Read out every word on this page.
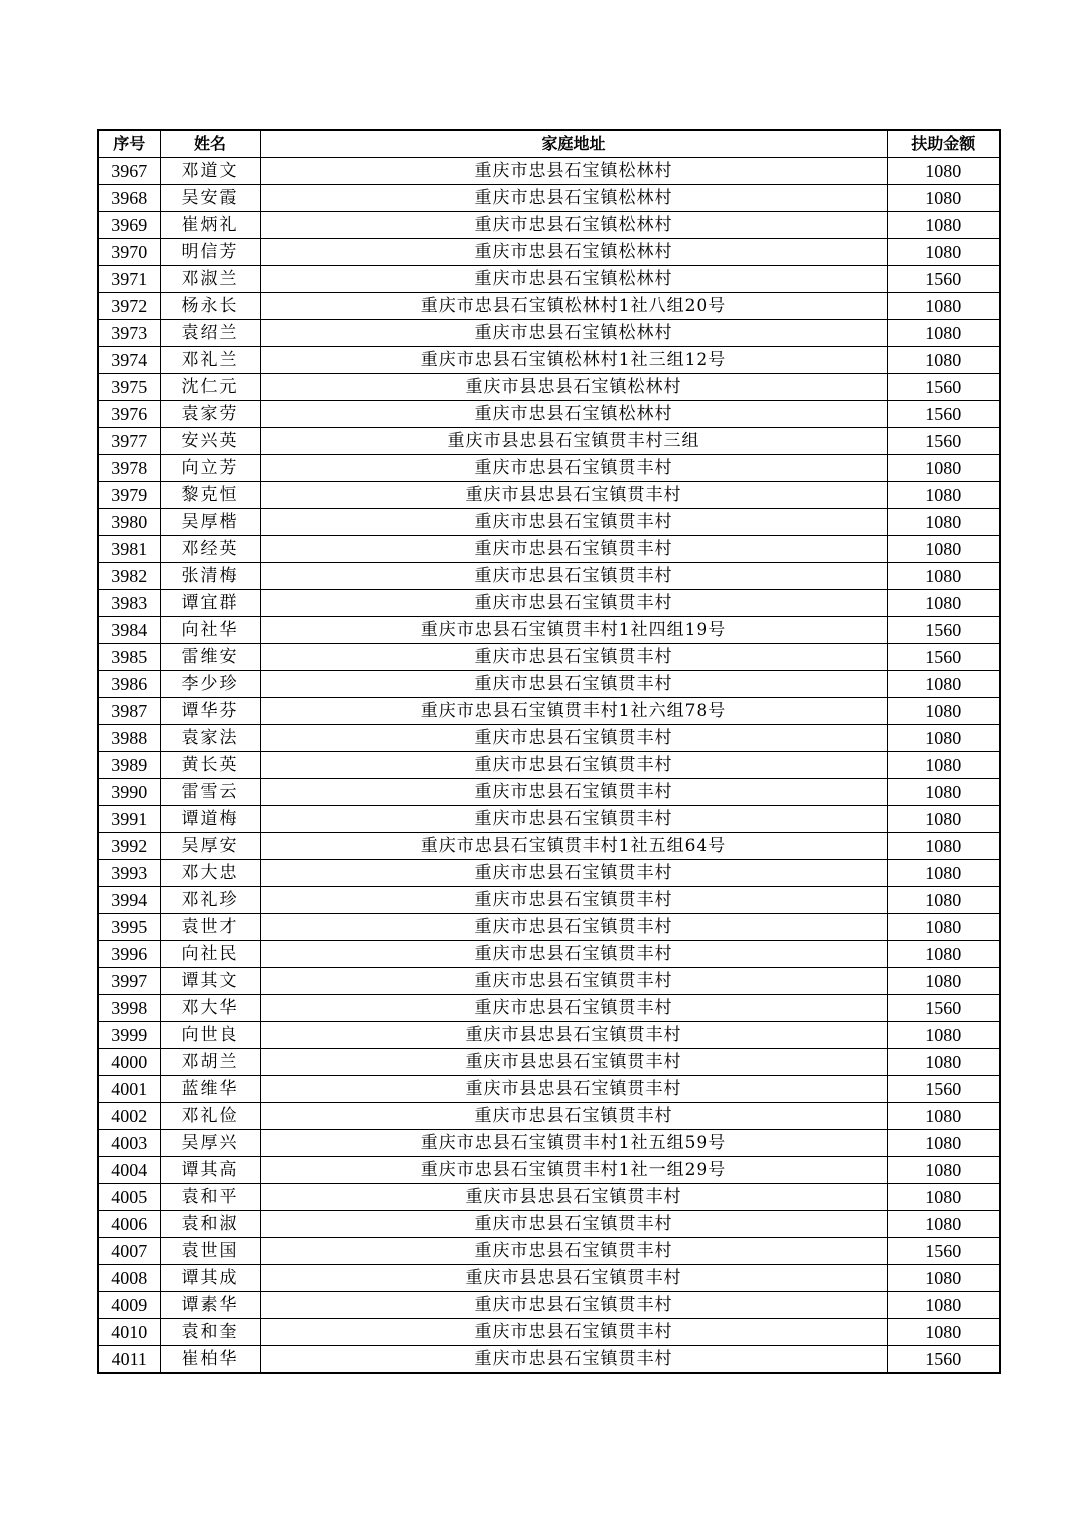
序号	姓名	家庭地址	扶助金额
3967	邓道文	重庆市忠县石宝镇松林村	1080
3968	吴安霞	重庆市忠县石宝镇松林村	1080
3969	崔炳礼	重庆市忠县石宝镇松林村	1080
3970	明信芳	重庆市忠县石宝镇松林村	1080
3971	邓淑兰	重庆市忠县石宝镇松林村	1560
3972	杨永长	重庆市忠县石宝镇松林村1社八组20号	1080
3973	袁绍兰	重庆市忠县石宝镇松林村	1080
3974	邓礼兰	重庆市忠县石宝镇松林村1社三组12号	1080
3975	沈仁元	重庆市县忠县石宝镇松林村	1560
3976	袁家劳	重庆市忠县石宝镇松林村	1560
3977	安兴英	重庆市县忠县石宝镇贯丰村三组	1560
3978	向立芳	重庆市忠县石宝镇贯丰村	1080
3979	黎克恒	重庆市县忠县石宝镇贯丰村	1080
3980	吴厚楷	重庆市忠县石宝镇贯丰村	1080
3981	邓经英	重庆市忠县石宝镇贯丰村	1080
3982	张清梅	重庆市忠县石宝镇贯丰村	1080
3983	谭宜群	重庆市忠县石宝镇贯丰村	1080
3984	向社华	重庆市忠县石宝镇贯丰村1社四组19号	1560
3985	雷维安	重庆市忠县石宝镇贯丰村	1560
3986	李少珍	重庆市忠县石宝镇贯丰村	1080
3987	谭华芬	重庆市忠县石宝镇贯丰村1社六组78号	1080
3988	袁家法	重庆市忠县石宝镇贯丰村	1080
3989	黄长英	重庆市忠县石宝镇贯丰村	1080
3990	雷雪云	重庆市忠县石宝镇贯丰村	1080
3991	谭道梅	重庆市忠县石宝镇贯丰村	1080
3992	吴厚安	重庆市忠县石宝镇贯丰村1社五组64号	1080
3993	邓大忠	重庆市忠县石宝镇贯丰村	1080
3994	邓礼珍	重庆市忠县石宝镇贯丰村	1080
3995	袁世才	重庆市忠县石宝镇贯丰村	1080
3996	向社民	重庆市忠县石宝镇贯丰村	1080
3997	谭其文	重庆市忠县石宝镇贯丰村	1080
3998	邓大华	重庆市忠县石宝镇贯丰村	1560
3999	向世良	重庆市县忠县石宝镇贯丰村	1080
4000	邓胡兰	重庆市县忠县石宝镇贯丰村	1080
4001	蓝维华	重庆市县忠县石宝镇贯丰村	1560
4002	邓礼俭	重庆市忠县石宝镇贯丰村	1080
4003	吴厚兴	重庆市忠县石宝镇贯丰村1社五组59号	1080
4004	谭其高	重庆市忠县石宝镇贯丰村1社一组29号	1080
4005	袁和平	重庆市县忠县石宝镇贯丰村	1080
4006	袁和淑	重庆市忠县石宝镇贯丰村	1080
4007	袁世国	重庆市忠县石宝镇贯丰村	1560
4008	谭其成	重庆市县忠县石宝镇贯丰村	1080
4009	谭素华	重庆市忠县石宝镇贯丰村	1080
4010	袁和奎	重庆市忠县石宝镇贯丰村	1080
4011	崔柏华	重庆市忠县石宝镇贯丰村	1560
